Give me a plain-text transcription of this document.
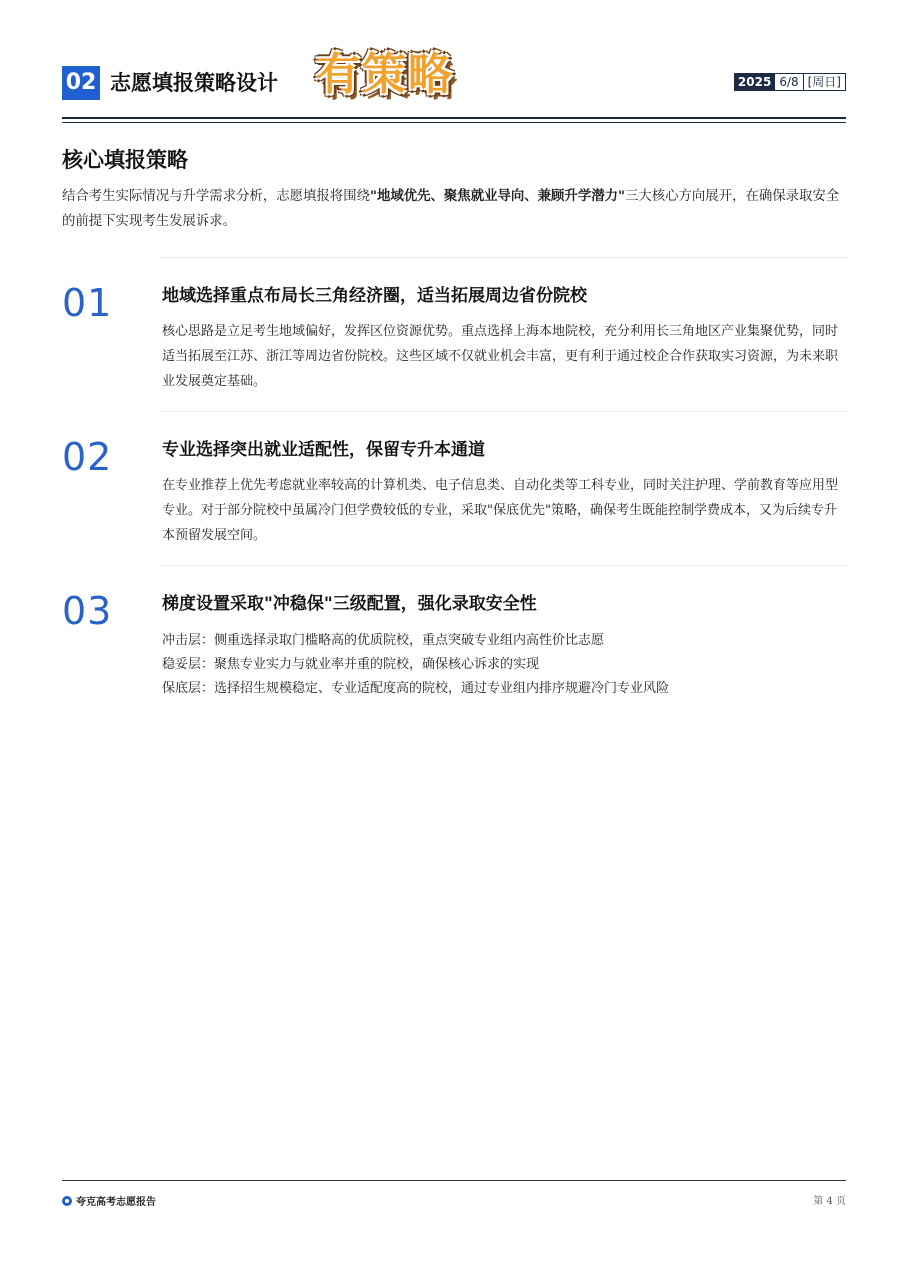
02 志愿填报策略设计 有策略	2025 6/8 [周日]
核心填报策略
结合考生实际情况与升学需求分析，志愿填报将围绕"地域优先、聚焦就业导向、兼顾升学潜力"三大核心方向展开，在确保录取安全的前提下实现考生发展诉求。
01	地域选择重点布局长三角经济圈，适当拓展周边省份院校
核心思路是立足考生地域偏好，发挥区位资源优势。重点选择上海本地院校，充分利用长三角地区产业集聚优势，同时适当拓展至江苏、浙江等周边省份院校。这些区域不仅就业机会丰富，更有利于通过校企合作获取实习资源，为未来职业发展奠定基础。
02	专业选择突出就业适配性，保留专升本通道
在专业推荐上优先考虑就业率较高的计算机类、电子信息类、自动化类等工科专业，同时关注护理、学前教育等应用型专业。对于部分院校中虽属冷门但学费较低的专业，采取"保底优先"策略，确保考生既能控制学费成本，又为后续专升本预留发展空间。
03	梯度设置采取"冲稳保"三级配置，强化录取安全性
冲击层：侧重选择录取门槛略高的优质院校，重点突破专业组内高性价比志愿
稳妥层：聚焦专业实力与就业率并重的院校，确保核心诉求的实现
保底层：选择招生规模稳定、专业适配度高的院校，通过专业组内排序规避冷门专业风险
夸克高考志愿报告	第 4 页
